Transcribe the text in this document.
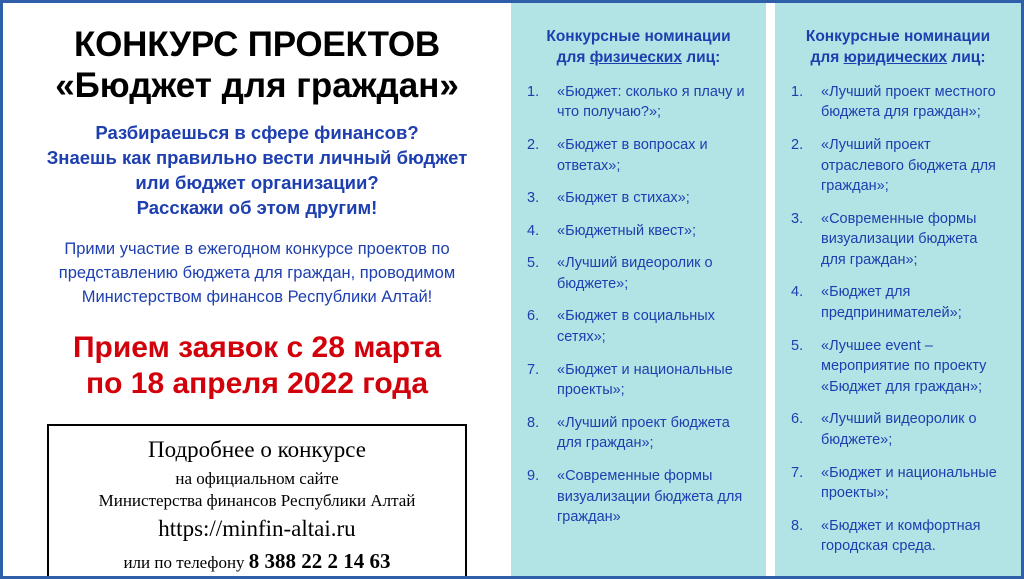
КОНКУРС ПРОЕКТОВ
«Бюджет для граждан»
Разбираешься в сфере финансов?
Знаешь как правильно вести личный бюджет
или бюджет организации?
Расскажи об этом другим!
Прими участие в ежегодном конкурсе проектов по
представлению бюджета для граждан, проводимом
Министерством финансов Республики Алтай!
Прием заявок с 28 марта
по 18 апреля 2022 года
Подробнее о конкурсе
на официальном сайте
Министерства финансов Республики Алтай
https://minfin-altai.ru
или по телефону 8 388 22 2 14 63
Конкурсные номинации
для физических лиц:
«Бюджет: сколько я плачу и что получаю?»;
«Бюджет в вопросах и ответах»;
«Бюджет в стихах»;
«Бюджетный квест»;
«Лучший видеоролик о бюджете»;
«Бюджет в социальных сетях»;
«Бюджет и национальные проекты»;
«Лучший проект бюджета для граждан»;
«Современные формы визуализации бюджета для граждан»
Конкурсные номинации
для юридических лиц:
«Лучший проект местного бюджета для граждан»;
«Лучший проект отраслевого бюджета для граждан»;
«Современные формы визуализации бюджета для граждан»;
«Бюджет для предпринимателей»;
«Лучшее event – мероприятие по проекту «Бюджет для граждан»;
«Лучший видеоролик о бюджете»;
«Бюджет и национальные проекты»;
«Бюджет и комфортная городская среда.
